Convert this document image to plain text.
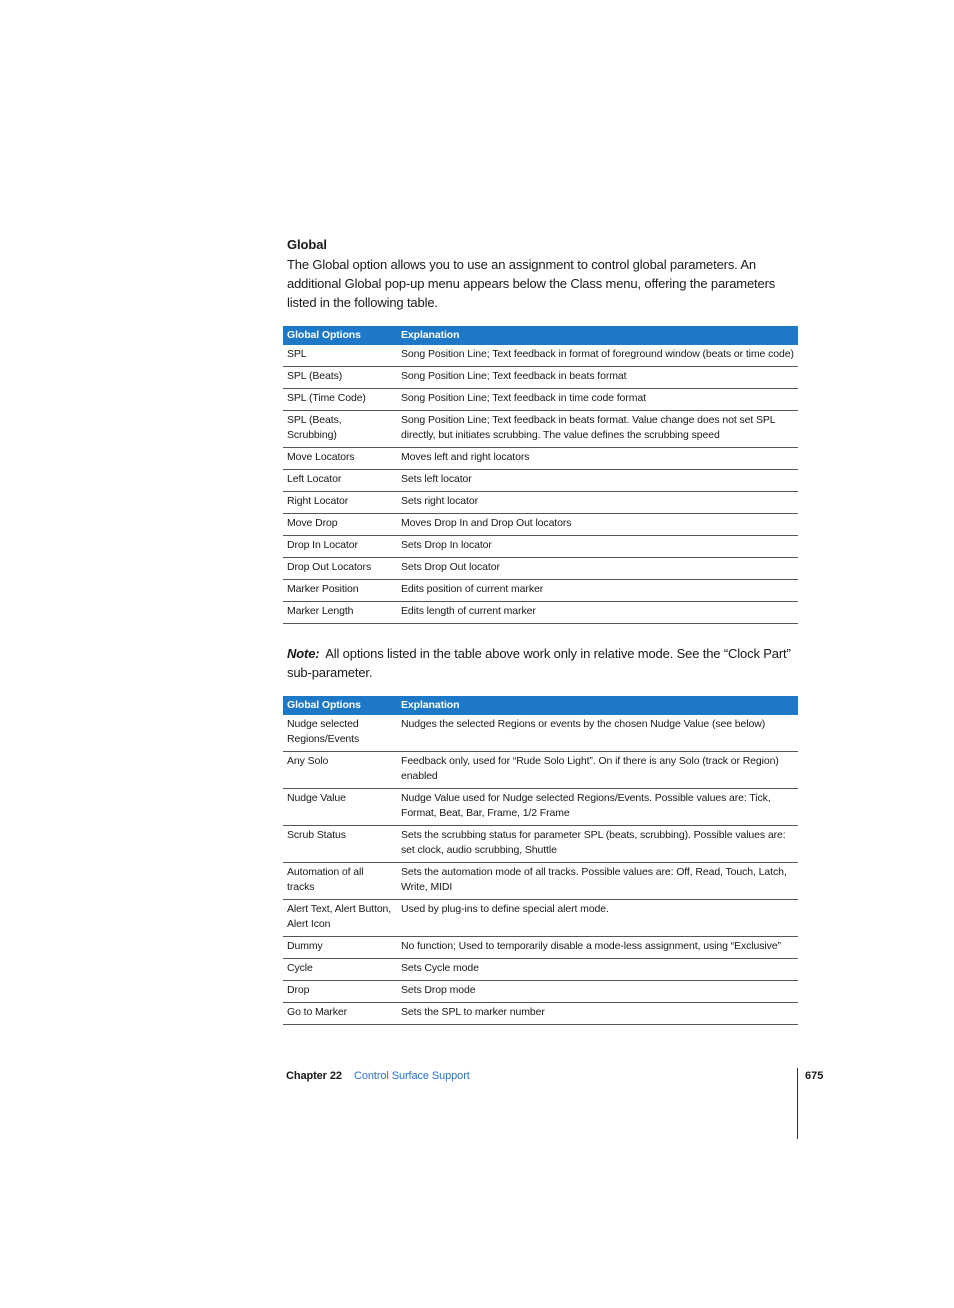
Global
The Global option allows you to use an assignment to control global parameters. An additional Global pop-up menu appears below the Class menu, offering the parameters listed in the following table.
Global Options	Explanation
SPL	Song Position Line; Text feedback in format of foreground window (beats or time code)
SPL (Beats)	Song Position Line; Text feedback in beats format
SPL (Time Code)	Song Position Line; Text feedback in time code format
SPL (Beats, Scrubbing)	Song Position Line; Text feedback in beats format. Value change does not set SPL directly, but initiates scrubbing. The value defines the scrubbing speed
Move Locators	Moves left and right locators
Left Locator	Sets left locator
Right Locator	Sets right locator
Move Drop	Moves Drop In and Drop Out locators
Drop In Locator	Sets Drop In locator
Drop Out Locators	Sets Drop Out locator
Marker Position	Edits position of current marker
Marker Length	Edits length of current marker
Note: All options listed in the table above work only in relative mode. See the “Clock Part” sub-parameter.
Global Options	Explanation
Nudge selected Regions/Events	Nudges the selected Regions or events by the chosen Nudge Value (see below)
Any Solo	Feedback only, used for “Rude Solo Light”. On if there is any Solo (track or Region) enabled
Nudge Value	Nudge Value used for Nudge selected Regions/Events. Possible values are: Tick, Format, Beat, Bar, Frame, 1/2 Frame
Scrub Status	Sets the scrubbing status for parameter SPL (beats, scrubbing). Possible values are: set clock, audio scrubbing, Shuttle
Automation of all tracks	Sets the automation mode of all tracks. Possible values are: Off, Read, Touch, Latch, Write, MIDI
Alert Text, Alert Button, Alert Icon	Used by plug-ins to define special alert mode.
Dummy	No function; Used to temporarily disable a mode-less assignment, using “Exclusive”
Cycle	Sets Cycle mode
Drop	Sets Drop mode
Go to Marker	Sets the SPL to marker number
Chapter 22 Control Surface Support	675
